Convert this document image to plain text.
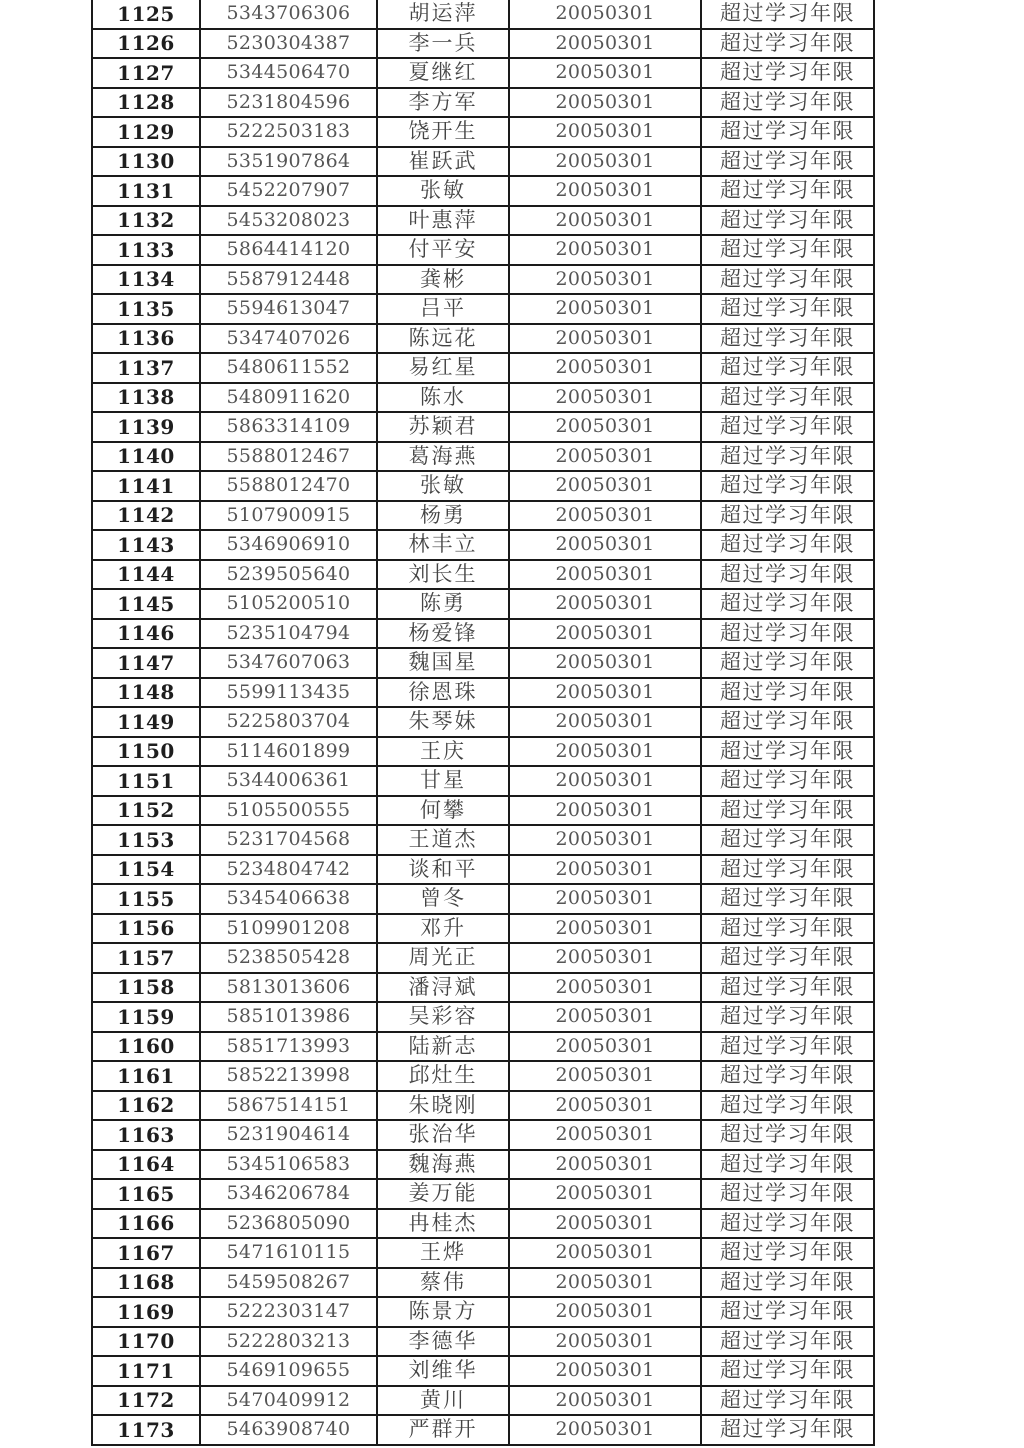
1125	5343706306	胡运萍	20050301	超过学习年限
1126	5230304387	李一兵	20050301	超过学习年限
1127	5344506470	夏继红	20050301	超过学习年限
1128	5231804596	李方军	20050301	超过学习年限
1129	5222503183	饶开生	20050301	超过学习年限
1130	5351907864	崔跃武	20050301	超过学习年限
1131	5452207907	张敏	20050301	超过学习年限
1132	5453208023	叶惠萍	20050301	超过学习年限
1133	5864414120	付平安	20050301	超过学习年限
1134	5587912448	龚彬	20050301	超过学习年限
1135	5594613047	吕平	20050301	超过学习年限
1136	5347407026	陈远花	20050301	超过学习年限
1137	5480611552	易红星	20050301	超过学习年限
1138	5480911620	陈水	20050301	超过学习年限
1139	5863314109	苏颖君	20050301	超过学习年限
1140	5588012467	葛海燕	20050301	超过学习年限
1141	5588012470	张敏	20050301	超过学习年限
1142	5107900915	杨勇	20050301	超过学习年限
1143	5346906910	林丰立	20050301	超过学习年限
1144	5239505640	刘长生	20050301	超过学习年限
1145	5105200510	陈勇	20050301	超过学习年限
1146	5235104794	杨爱锋	20050301	超过学习年限
1147	5347607063	魏国星	20050301	超过学习年限
1148	5599113435	徐恩珠	20050301	超过学习年限
1149	5225803704	朱琴妹	20050301	超过学习年限
1150	5114601899	王庆	20050301	超过学习年限
1151	5344006361	甘星	20050301	超过学习年限
1152	5105500555	何攀	20050301	超过学习年限
1153	5231704568	王道杰	20050301	超过学习年限
1154	5234804742	谈和平	20050301	超过学习年限
1155	5345406638	曾冬	20050301	超过学习年限
1156	5109901208	邓升	20050301	超过学习年限
1157	5238505428	周光正	20050301	超过学习年限
1158	5813013606	潘浔斌	20050301	超过学习年限
1159	5851013986	吴彩容	20050301	超过学习年限
1160	5851713993	陆新志	20050301	超过学习年限
1161	5852213998	邱灶生	20050301	超过学习年限
1162	5867514151	朱晓刚	20050301	超过学习年限
1163	5231904614	张治华	20050301	超过学习年限
1164	5345106583	魏海燕	20050301	超过学习年限
1165	5346206784	姜万能	20050301	超过学习年限
1166	5236805090	冉桂杰	20050301	超过学习年限
1167	5471610115	王烨	20050301	超过学习年限
1168	5459508267	蔡伟	20050301	超过学习年限
1169	5222303147	陈景方	20050301	超过学习年限
1170	5222803213	李德华	20050301	超过学习年限
1171	5469109655	刘维华	20050301	超过学习年限
1172	5470409912	黄川	20050301	超过学习年限
1173	5463908740	严群开	20050301	超过学习年限
